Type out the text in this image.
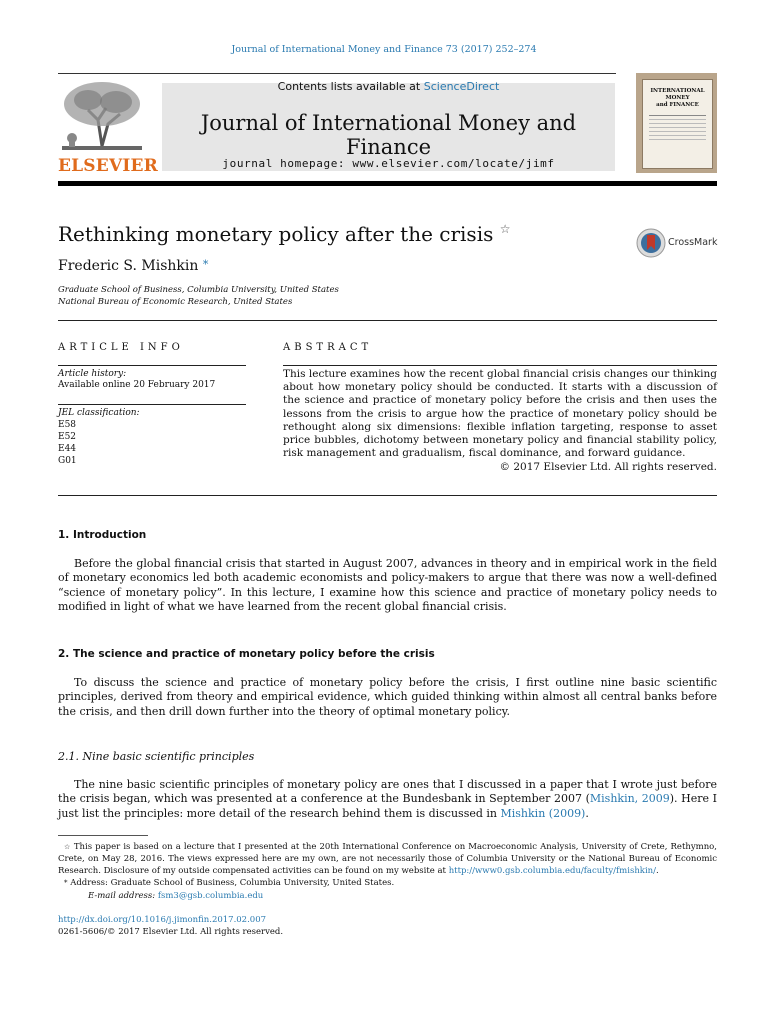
Journal of International Money and Finance 73 (2017) 252–274
ELSEVIER
Contents lists available at ScienceDirect
Journal of International Money and Finance
journal homepage: www.elsevier.com/locate/jimf
INTERNATIONAL
MONEY
and FINANCE
Rethinking monetary policy after the crisis ☆
CrossMark
Frederic S. Mishkin *
Graduate School of Business, Columbia University, United States
National Bureau of Economic Research, United States
ARTICLE INFO
Article history:
Available online 20 February 2017
JEL classification:
E58
E52
E44
G01
ABSTRACT
This lecture examines how the recent global financial crisis changes our thinking about how monetary policy should be conducted. It starts with a discussion of the science and practice of monetary policy before the crisis and then uses the lessons from the crisis to argue how the practice of monetary policy should be rethought along six dimensions: flexible inflation targeting, response to asset price bubbles, dichotomy between monetary policy and financial stability policy, risk management and gradualism, fiscal dominance, and forward guidance.
© 2017 Elsevier Ltd. All rights reserved.
1. Introduction
Before the global financial crisis that started in August 2007, advances in theory and in empirical work in the field of monetary economics led both academic economists and policy-makers to argue that there was now a well-defined “science of monetary policy”. In this lecture, I examine how this science and practice of monetary policy needs to modified in light of what we have learned from the recent global financial crisis.
2. The science and practice of monetary policy before the crisis
To discuss the science and practice of monetary policy before the crisis, I first outline nine basic scientific principles, derived from theory and empirical evidence, which guided thinking within almost all central banks before the crisis, and then drill down further into the theory of optimal monetary policy.
2.1. Nine basic scientific principles
The nine basic scientific principles of monetary policy are ones that I discussed in a paper that I wrote just before the crisis began, which was presented at a conference at the Bundesbank in September 2007 (Mishkin, 2009). Here I just list the principles: more detail of the research behind them is discussed in Mishkin (2009).
☆ This paper is based on a lecture that I presented at the 20th International Conference on Macroeconomic Analysis, University of Crete, Rethymno, Crete, on May 28, 2016. The views expressed here are my own, are not necessarily those of Columbia University or the National Bureau of Economic Research. Disclosure of my outside compensated activities can be found on my website at http://www0.gsb.columbia.edu/faculty/fmishkin/.
* Address: Graduate School of Business, Columbia University, United States.
E-mail address: fsm3@gsb.columbia.edu
http://dx.doi.org/10.1016/j.jimonfin.2017.02.007
0261-5606/© 2017 Elsevier Ltd. All rights reserved.
